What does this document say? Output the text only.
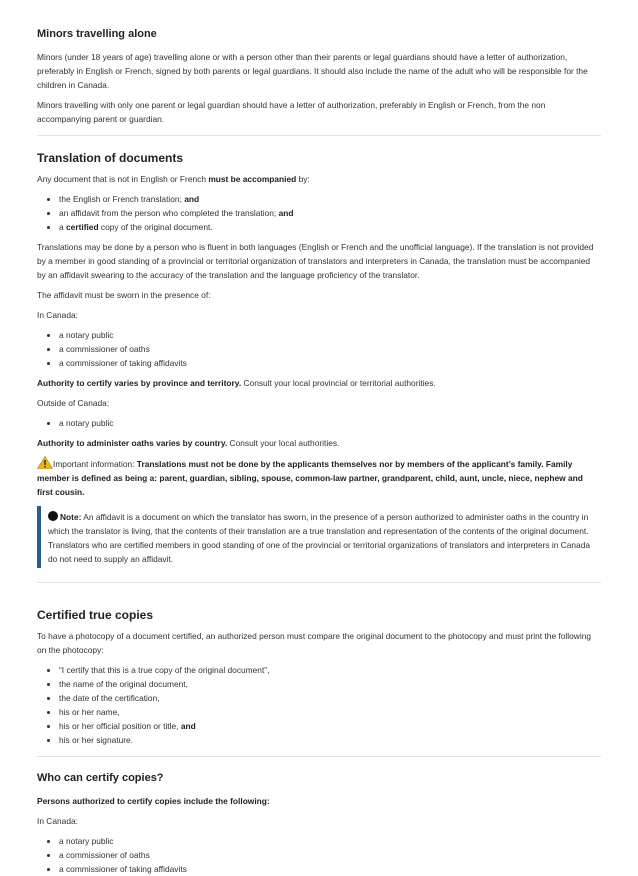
Minors travelling alone

Minors (under 18 years of age) travelling alone or with a person other than their parents or legal guardians should have a letter of authorization, preferably in English or French, signed by both parents or legal guardians. It should also include the name of the adult who will be responsible for the children in Canada.

Minors travelling with only one parent or legal guardian should have a letter of authorization, preferably in English or French, from the non accompanying parent or guardian.

Translation of documents

Any document that is not in English or French must be accompanied by:

• the English or French translation; and
• an affidavit from the person who completed the translation; and
• a certified copy of the original document.

Translations may be done by a person who is fluent in both languages (English or French and the unofficial language). If the translation is not provided by a member in good standing of a provincial or territorial organization of translators and interpreters in Canada, the translation must be accompanied by an affidavit swearing to the accuracy of the translation and the language proficiency of the translator.

The affidavit must be sworn in the presence of:

In Canada:

• a notary public
• a commissioner of oaths
• a commissioner of taking affidavits

Authority to certify varies by province and territory. Consult your local provincial or territorial authorities.

Outside of Canada:

• a notary public

Authority to administer oaths varies by country. Consult your local authorities.

Important information: Translations must not be done by the applicants themselves nor by members of the applicant’s family. Family member is defined as being a: parent, guardian, sibling, spouse, common-law partner, grandparent, child, aunt, uncle, niece, nephew and first cousin.

Note: An affidavit is a document on which the translator has sworn, in the presence of a person authorized to administer oaths in the country in which the translator is living, that the contents of their translation are a true translation and representation of the contents of the original document. Translators who are certified members in good standing of one of the provincial or territorial organizations of translators and interpreters in Canada do not need to supply an affidavit.

Certified true copies

To have a photocopy of a document certified, an authorized person must compare the original document to the photocopy and must print the following on the photocopy:

• “I certify that this is a true copy of the original document”,
• the name of the original document,
• the date of the certification,
• his or her name,
• his or her official position or title, and
• his or her signature.
Who can certify copies?

Persons authorized to certify copies include the following:

In Canada:

• a notary public
• a commissioner of oaths
• a commissioner of taking affidavits
